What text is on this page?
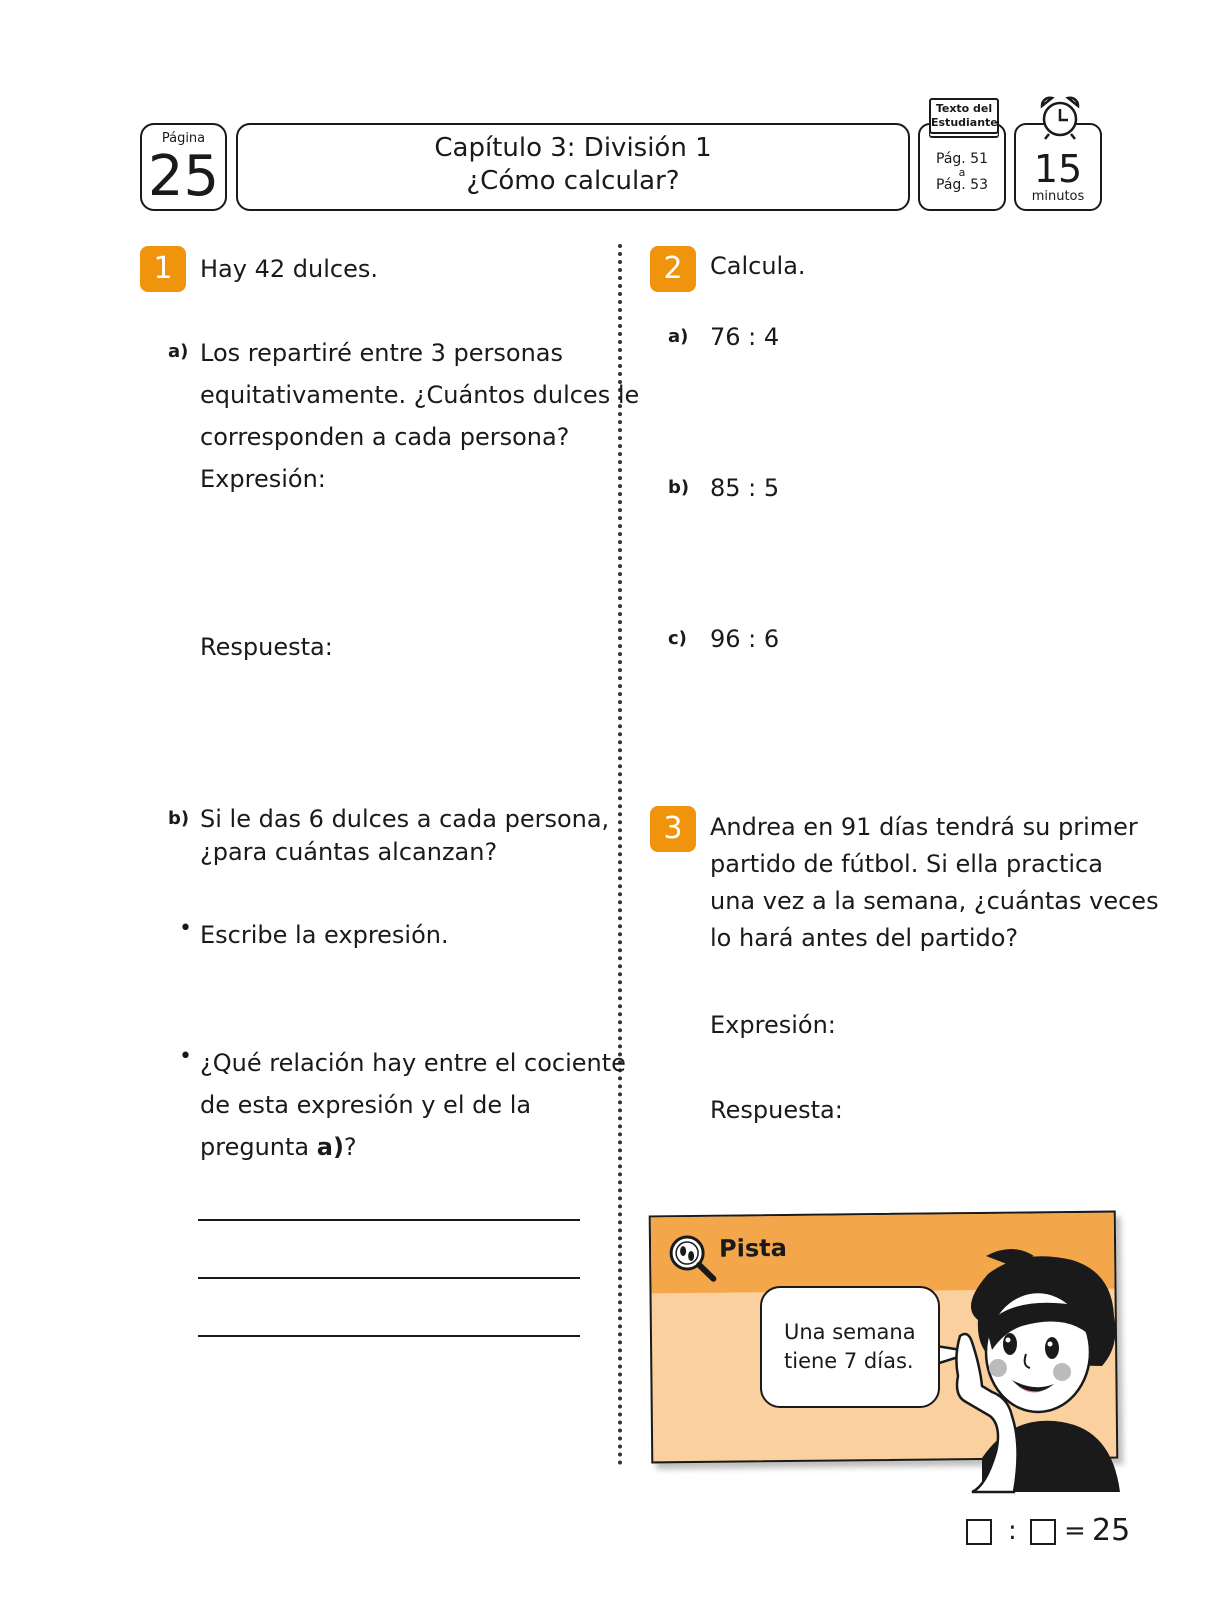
Página
25	Capítulo 3: División 1
¿Cómo calcular?
Pág. 51
a
Pág. 53
Texto del
Estudiante
15
minutos
1	Hay 42 dulces.
a) Los repartiré entre 3 personas
equitativamente. ¿Cuántos dulces le
corresponden a cada persona?
Expresión:
Respuesta:
b) Si le das 6 dulces a cada persona,
¿para cuántas alcanzan?
• Escribe la expresión.
• ¿Qué relación hay entre el cociente
de esta expresión y el de la
pregunta a)?
2	Calcula.
a) 76 : 4
b) 85 : 5
c) 96 : 6
3	Andrea en 91 días tendrá su primer
partido de fútbol. Si ella practica
una vez a la semana, ¿cuántas veces
lo hará antes del partido?
Expresión:
Respuesta:
Pista
Una semana
tiene 7 días.
: = 25
